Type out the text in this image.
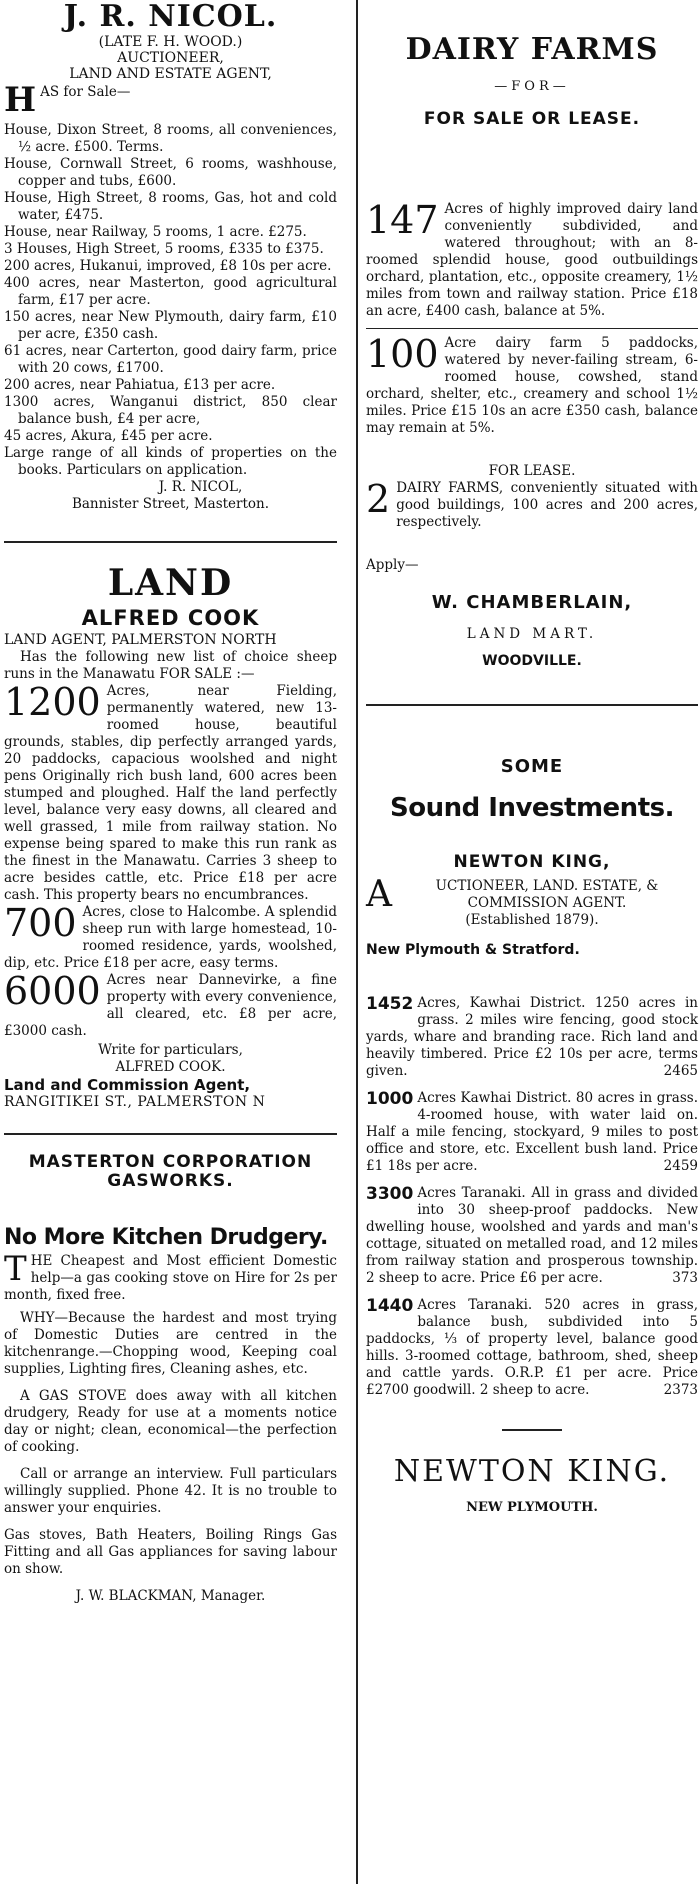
J. R. NICOL.
(LATE F. H. WOOD.)
AUCTIONEER,
LAND AND ESTATE AGENT,
H AS for Sale—

House, Dixon Street, 8 rooms, all conveniences, ½ acre. £500. Terms.

House, Cornwall Street, 6 rooms, washhouse, copper and tubs, £600.

House, High Street, 8 rooms, Gas, hot and cold water, £475.

House, near Railway, 5 rooms, 1 acre. £275.

3 Houses, High Street, 5 rooms, £335 to £375.

200 acres, Hukanui, improved, £8 10s per acre.

400 acres, near Masterton, good agricultural farm, £17 per acre.

150 acres, near New Plymouth, dairy farm, £10 per acre, £350 cash.

61 acres, near Carterton, good dairy farm, price with 20 cows, £1700.

200 acres, near Pahiatua, £13 per acre.

1300 acres, Wanganui district, 850 clear balance bush, £4 per acre,

45 acres, Akura, £45 per acre.

Large range of all kinds of properties on the books. Particulars on application.

J. R. NICOL,
Bannister Street, Masterton.
LAND
ALFRED COOK
LAND AGENT, PALMERSTON NORTH

Has the following new list of choice sheep runs in the Manawatu FOR SALE :—

1200 Acres, near Fielding, permanently watered, new 13-roomed house, beautiful grounds, stables, dip perfectly arranged yards, 20 paddocks, capacious woolshed and night pens Originally rich bush land, 600 acres been stumped and ploughed. Half the land perfectly level, balance very easy downs, all cleared and well grassed, 1 mile from railway station. No expense being spared to make this run rank as the finest in the Manawatu. Carries 3 sheep to acre besides cattle, etc. Price £18 per acre cash. This property bears no encumbrances.

700 Acres, close to Halcombe. A splendid sheep run with large homestead, 10-roomed residence, yards, woolshed, dip, etc. Price £18 per acre, easy terms.

6000 Acres near Dannevirke, a fine property with every convenience, all cleared, etc. £8 per acre, £3000 cash.

Write for particulars,
ALFRED COOK.
Land and Commission Agent,
RANGITIKEI ST., PALMERSTON N
MASTERTON CORPORATION
GASWORKS.
No More Kitchen Drudgery.
T HE Cheapest and Most efficient Domestic help—a gas cooking stove on Hire for 2s per month, fixed free.

WHY—Because the hardest and most trying of Domestic Duties are centred in the kitchenrange.—Chopping wood, Keeping coal supplies, Lighting fires, Cleaning ashes, etc.

A GAS STOVE does away with all kitchen drudgery, Ready for use at a moments notice day or night; clean, economical—the perfection of cooking.

Call or arrange an interview. Full particulars willingly supplied. Phone 42. It is no trouble to answer your enquiries.

Gas stoves, Bath Heaters, Boiling Rings Gas Fitting and all Gas appliances for saving labour on show.

J. W. BLACKMAN, Manager.
DAIRY FARMS
—FOR—
FOR SALE OR LEASE.
147 Acres of highly improved dairy land conveniently subdivided, and watered throughout; with an 8-roomed splendid house, good outbuildings orchard, plantation, etc., opposite creamery, 1½ miles from town and railway station. Price £18 an acre, £400 cash, balance at 5%.

100 Acre dairy farm 5 paddocks, watered by never-failing stream, 6-roomed house, cowshed, stand orchard, shelter, etc., creamery and school 1½ miles. Price £15 10s an acre £350 cash, balance may remain at 5%.

FOR LEASE.
2 DAIRY FARMS, conveniently situated with good buildings, 100 acres and 200 acres, respectively.

Apply—
W. CHAMBERLAIN,
LAND MART.
WOODVILLE.
SOME
Sound Investments.
NEWTON KING,
A	UCTIONEER, LAND. ESTATE, & COMMISSION AGENT.

(Established 1879).
New Plymouth & Stratford.
1452 Acres, Kawhai District. 1250 acres in grass. 2 miles wire fencing, good stock yards, whare and branding race. Rich land and heavily timbered. Price £2 10s per acre, terms given.	2465
1000 Acres Kawhai District. 80 acres in grass. 4-roomed house, with water laid on. Half a mile fencing, stockyard, 9 miles to post office and store, etc. Excellent bush land. Price £1 18s per acre.	2459
3300 Acres Taranaki. All in grass and divided into 30 sheep-proof paddocks. New dwelling house, woolshed and yards and man's cottage, situated on metalled road, and 12 miles from railway station and prosperous township. 2 sheep to acre. Price £6 per acre.	373
1440 Acres Taranaki. 520 acres in grass, balance bush, subdivided into 5 paddocks, ⅓ of property level, balance good hills. 3-roomed cottage, bathroom, shed, sheep and cattle yards. O.R.P. £1 per acre. Price £2700 goodwill. 2 sheep to acre.	2373
NEWTON KING.
NEW PLYMOUTH.
